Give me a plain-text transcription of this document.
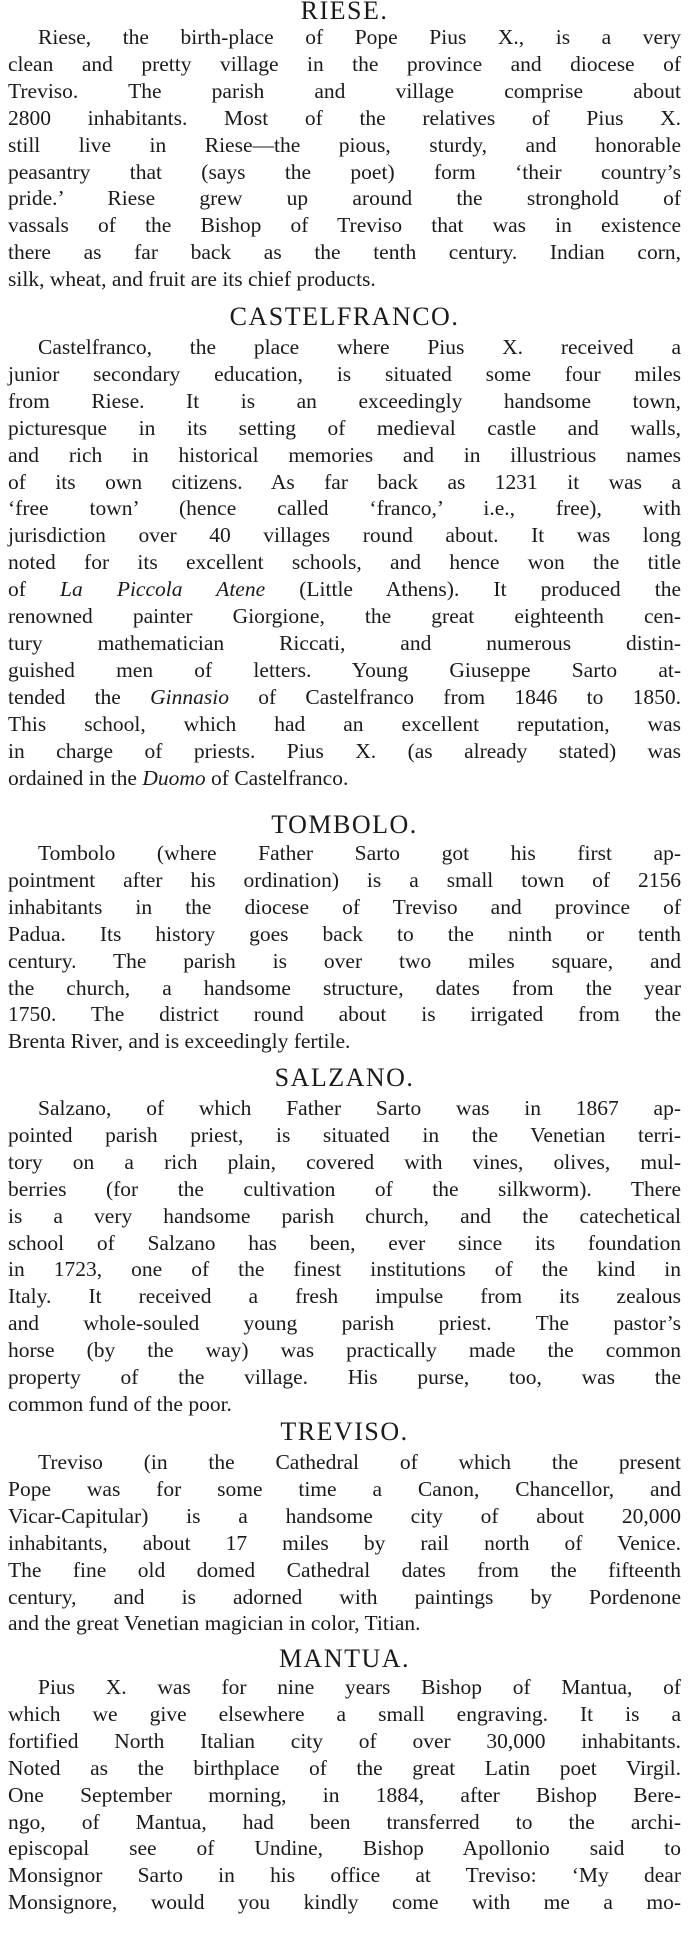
RIESE.
Riese, the birth-place of Pope Pius X., is a very
clean and pretty village in the province and diocese of
Treviso. The parish and village comprise about
2800 inhabitants. Most of the relatives of Pius X.
still live in Riese—the pious, sturdy, and honorable
peasantry that (says the poet) form ‘their country’s
pride.’ Riese grew up around the stronghold of
vassals of the Bishop of Treviso that was in existence
there as far back as the tenth century. Indian corn,
silk, wheat, and fruit are its chief products.
CASTELFRANCO.
Castelfranco, the place where Pius X. received a
junior secondary education, is situated some four miles
from Riese. It is an exceedingly handsome town,
picturesque in its setting of medieval castle and walls,
and rich in historical memories and in illustrious names
of its own citizens. As far back as 1231 it was a
‘free town’ (hence called ‘franco,’ i.e., free), with
jurisdiction over 40 villages round about. It was long
noted for its excellent schools, and hence won the title
of La Piccola Atene (Little Athens). It produced the
renowned painter Giorgione, the great eighteenth cen-
tury mathematician Riccati, and numerous distin-
guished men of letters. Young Giuseppe Sarto at-
tended the Ginnasio of Castelfranco from 1846 to 1850.
This school, which had an excellent reputation, was
in charge of priests. Pius X. (as already stated) was
ordained in the Duomo of Castelfranco.
TOMBOLO.
Tombolo (where Father Sarto got his first ap-
pointment after his ordination) is a small town of 2156
inhabitants in the diocese of Treviso and province of
Padua. Its history goes back to the ninth or tenth
century. The parish is over two miles square, and
the church, a handsome structure, dates from the year
1750. The district round about is irrigated from the
Brenta River, and is exceedingly fertile.
SALZANO.
Salzano, of which Father Sarto was in 1867 ap-
pointed parish priest, is situated in the Venetian terri-
tory on a rich plain, covered with vines, olives, mul-
berries (for the cultivation of the silkworm). There
is a very handsome parish church, and the catechetical
school of Salzano has been, ever since its foundation
in 1723, one of the finest institutions of the kind in
Italy. It received a fresh impulse from its zealous
and whole-souled young parish priest. The pastor’s
horse (by the way) was practically made the common
property of the village. His purse, too, was the
common fund of the poor.
TREVISO.
Treviso (in the Cathedral of which the present
Pope was for some time a Canon, Chancellor, and
Vicar-Capitular) is a handsome city of about 20,000
inhabitants, about 17 miles by rail north of Venice.
The fine old domed Cathedral dates from the fifteenth
century, and is adorned with paintings by Pordenone
and the great Venetian magician in color, Titian.
MANTUA.
Pius X. was for nine years Bishop of Mantua, of
which we give elsewhere a small engraving. It is a
fortified North Italian city of over 30,000 inhabitants.
Noted as the birthplace of the great Latin poet Virgil.
One September morning, in 1884, after Bishop Bere-
ngo, of Mantua, had been transferred to the archi-
episcopal see of Undine, Bishop Apollonio said to
Monsignor Sarto in his office at Treviso: ‘My dear
Monsignore, would you kindly come with me a mo-
